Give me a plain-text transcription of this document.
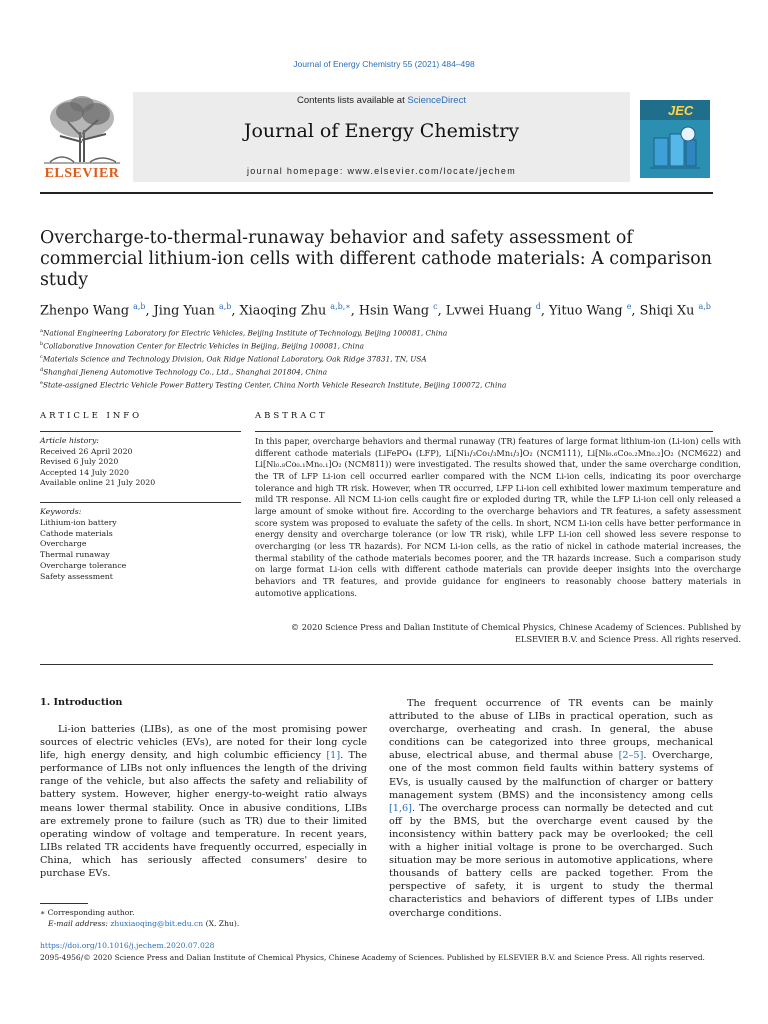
Journal of Energy Chemistry 55 (2021) 484–498
ELSEVIER
Contents lists available at ScienceDirect
Journal of Energy Chemistry
journal homepage: www.elsevier.com/locate/jechem
JEC
Overcharge-to-thermal-runaway behavior and safety assessment of commercial lithium-ion cells with different cathode materials: A comparison study
Zhenpo Wang $^{a,b}$, Jing Yuan $^{a,b}$, Xiaoqing Zhu $^{a,b,∗}$, Hsin Wang $^c$, Lvwei Huang $^d$, Yituo Wang $^e$, Shiqi Xu $^{a,b}$
$^a$National Engineering Laboratory for Electric Vehicles, Beijing Institute of Technology, Beijing 100081, China
$^b$Collaborative Innovation Center for Electric Vehicles in Beijing, Beijing 100081, China
$^c$Materials Science and Technology Division, Oak Ridge National Laboratory, Oak Ridge 37831, TN, USA
$^d$Shanghai Jieneng Automotive Technology Co., Ltd., Shanghai 201804, China
$^e$State-assigned Electric Vehicle Power Battery Testing Center, China North Vehicle Research Institute, Beijing 100072, China
ARTICLE INFO	ABSTRACT
Article history:
Received 26 April 2020
Revised 6 July 2020
Accepted 14 July 2020
Available online 21 July 2020
Keywords:
Lithium-ion battery
Cathode materials
Overcharge
Thermal runaway
Overcharge tolerance
Safety assessment
In this paper, overcharge behaviors and thermal runaway (TR) features of large format lithium-ion (Li-ion) cells with different cathode materials (LiFePO₄ (LFP), Li[Ni₁/₃Co₁/₃Mn₁/₃]O₂ (NCM111), Li[Ni₀.₆Co₀.₂Mn₀.₂]O₂ (NCM622) and Li[Ni₀.₈Co₀.₁Mn₀.₁]O₂ (NCM811)) were investigated. The results showed that, under the same overcharge condition, the TR of LFP Li-ion cell occurred earlier compared with the NCM Li-ion cells, indicating its poor overcharge tolerance and high TR risk. However, when TR occurred, LFP Li-ion cell exhibited lower maximum temperature and mild TR response. All NCM Li-ion cells caught fire or exploded during TR, while the LFP Li-ion cell only released a large amount of smoke without fire. According to the overcharge behaviors and TR features, a safety assessment score system was proposed to evaluate the safety of the cells. In short, NCM Li-ion cells have better performance in energy density and overcharge tolerance (or low TR risk), while LFP Li-ion cell showed less severe response to overcharging (or less TR hazards). For NCM Li-ion cells, as the ratio of nickel in cathode material increases, the thermal stability of the cathode materials becomes poorer, and the TR hazards increase. Such a comparison study on large format Li-ion cells with different cathode materials can provide deeper insights into the overcharge behaviors and TR features, and provide guidance for engineers to reasonably choose battery materials in automotive applications.
© 2020 Science Press and Dalian Institute of Chemical Physics, Chinese Academy of Sciences. Published by ELSEVIER B.V. and Science Press. All rights reserved.
1. Introduction
Li-ion batteries (LIBs), as one of the most promising power sources of electric vehicles (EVs), are noted for their long cycle life, high energy density, and high columbic efficiency [1]. The performance of LIBs not only influences the length of the driving range of the vehicle, but also affects the safety and reliability of battery system. However, higher energy-to-weight ratio always means lower thermal stability. Once in abusive conditions, LIBs are extremely prone to failure (such as TR) due to their limited operating window of voltage and temperature. In recent years, LIBs related TR accidents have frequently occurred, especially in China, which has seriously affected consumers' desire to purchase EVs.
The frequent occurrence of TR events can be mainly attributed to the abuse of LIBs in practical operation, such as overcharge, overheating and crash. In general, the abuse conditions can be categorized into three groups, mechanical abuse, electrical abuse, and thermal abuse [2–5]. Overcharge, one of the most common field faults within battery systems of EVs, is usually caused by the malfunction of charger or battery management system (BMS) and the inconsistency among cells [1,6]. The overcharge process can normally be detected and cut off by the BMS, but the overcharge event caused by the inconsistency within battery pack may be overlooked; the cell with a higher initial voltage is prone to be overcharged. Such situation may be more serious in automotive applications, where thousands of battery cells are packed together. From the perspective of safety, it is urgent to study the thermal characteristics and behaviors of different types of LIBs under overcharge conditions.
∗ Corresponding author.
E-mail address: zhuxiaoqing@bit.edu.cn (X. Zhu).
https://doi.org/10.1016/j.jechem.2020.07.028
2095-4956/© 2020 Science Press and Dalian Institute of Chemical Physics, Chinese Academy of Sciences. Published by ELSEVIER B.V. and Science Press. All rights reserved.
